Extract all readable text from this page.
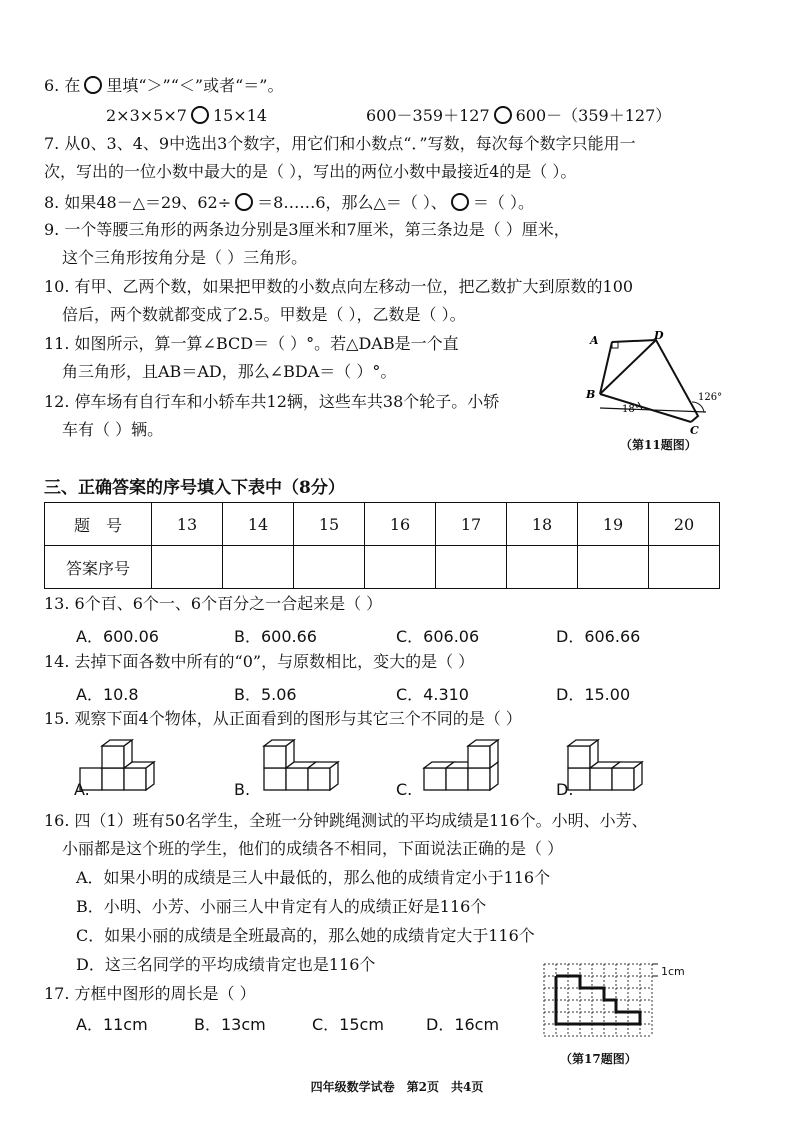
6. 在 里填“＞”“＜”或者“＝”。
2×3×5×7 15×14	600－359＋127 600－（359＋127）
7. 从0、3、4、9中选出3个数字，用它们和小数点“．”写数，每次每个数字只能用一
次，写出的一位小数中最大的是（ ），写出的两位小数中最接近4的是（ ）。
8. 如果48－△＝29、62÷ ＝8……6，那么△＝（ ）、 ＝（ ）。
9. 一个等腰三角形的两条边分别是3厘米和7厘米，第三条边是（ ）厘米，
这个三角形按角分是（ ）三角形。
10. 有甲、乙两个数，如果把甲数的小数点向左移动一位，把乙数扩大到原数的100
倍后，两个数就都变成了2.5。甲数是（ ），乙数是（ ）。
11. 如图所示，算一算∠BCD＝（ ）°。若△DAB是一个直
角三角形，且AB＝AD，那么∠BDA＝（ ）°。
12. 停车场有自行车和小轿车共12辆，这些车共38个轮子。小轿
车有（ ）辆。
A	D
B
C
18°
126°
（第11题图）
三、正确答案的序号填入下表中（8分）
题　号	13	14	15	16	17	18	19	20
答案序号								
13. 6个百、6个一、6个百分之一合起来是（ ）
A．600.06	B．600.66	C．606.06	D．606.66
14. 去掉下面各数中所有的“0”，与原数相比，变大的是（ ）
A．10.8	B．5.06	C．4.310	D．15.00
15. 观察下面4个物体，从正面看到的图形与其它三个不同的是（ ）
A.	B.	C.	D.
16. 四（1）班有50名学生，全班一分钟跳绳测试的平均成绩是116个。小明、小芳、
小丽都是这个班的学生，他们的成绩各不相同，下面说法正确的是（ ）
A．如果小明的成绩是三人中最低的，那么他的成绩肯定小于116个
B．小明、小芳、小丽三人中肯定有人的成绩正好是116个
C．如果小丽的成绩是全班最高的，那么她的成绩肯定大于116个
D．这三名同学的平均成绩肯定也是116个
17. 方框中图形的周长是（ ）
A．11cm	B．13cm	C．15cm	D．16cm
1cm
（第17题图）
四年级数学试卷　第2页　共4页
